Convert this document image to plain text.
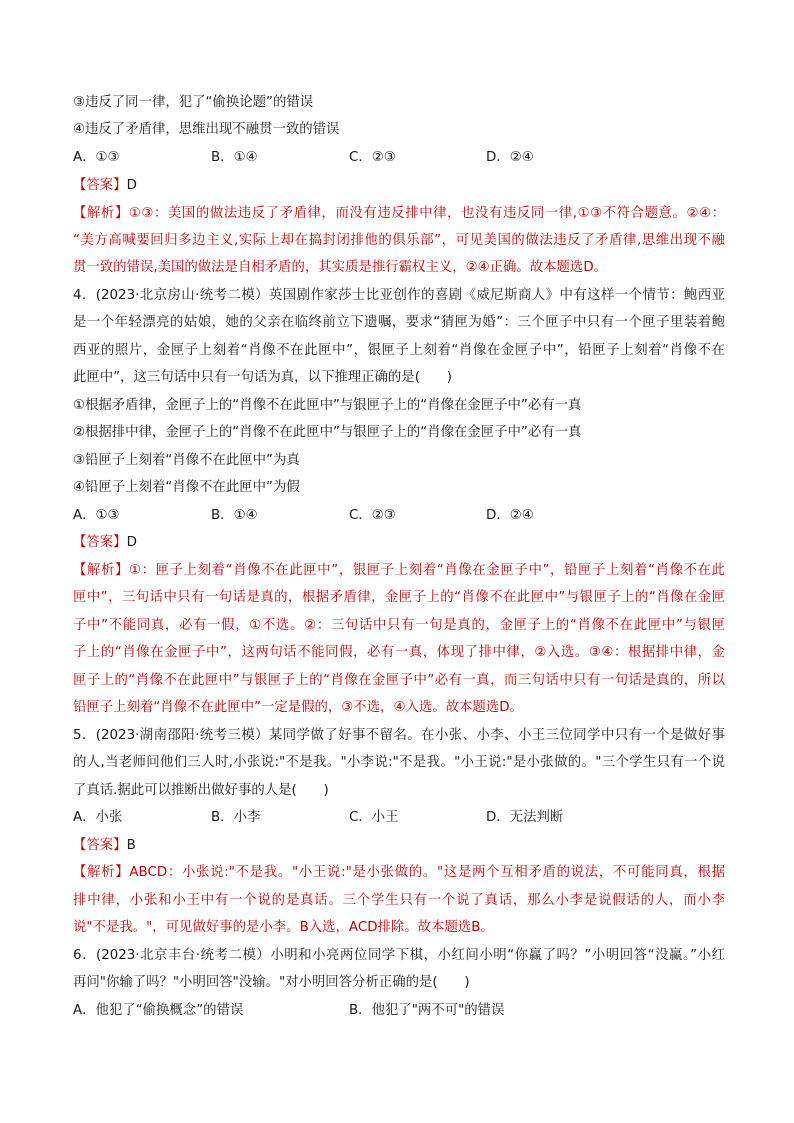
③违反了同一律，犯了“偷换论题”的错误
④违反了矛盾律，思维出现不融贯一致的错误
A．①③	B．①④	C．②③	D．②④
【答案】D
【解析】①③：美国的做法违反了矛盾律，而没有违反排中律，也没有违反同一律,①③不符合题意。②④：
“美方高喊要回归多边主义,实际上却在搞封闭排他的俱乐部”，可见美国的做法违反了矛盾律,思维出现不融
贯一致的错误,美国的做法是自相矛盾的，其实质是推行霸权主义，②④正确。故本题选D。
4．(2023·北京房山·统考二模）英国剧作家莎士比亚创作的喜剧《威尼斯商人》中有这样一个情节：鲍西亚
是一个年轻漂亮的姑娘，她的父亲在临终前立下遗嘱，要求“猜匣为婚”：三个匣子中只有一个匣子里装着鲍
西亚的照片，金匣子上刻着“肖像不在此匣中”，银匣子上刻着“肖像在金匣子中”，铅匣子上刻着“肖像不在
此匣中”，这三句话中只有一句话为真，以下推理正确的是(　　)
①根据矛盾律，金匣子上的“肖像不在此匣中”与银匣子上的“肖像在金匣子中”必有一真
②根据排中律，金匣子上的“肖像不在此匣中”与银匣子上的“肖像在金匣子中”必有一真
③铅匣子上刻着“肖像不在此匣中”为真
④铅匣子上刻着“肖像不在此匣中”为假
A．①③	B．①④	C．②③	D．②④
【答案】D
【解析】①：匣子上刻着“肖像不在此匣中”，银匣子上刻着“肖像在金匣子中”，铅匣子上刻着“肖像不在此
匣中”，三句话中只有一句话是真的，根据矛盾律，金匣子上的“肖像不在此匣中”与银匣子上的“肖像在金匣
子中”不能同真，必有一假，①不选。②：三句话中只有一句是真的，金匣子上的“肖像不在此匣中”与银匣
子上的“肖像在金匣子中”，这两句话不能同假，必有一真，体现了排中律，②入选。③④：根据排中律，金
匣子上的“肖像不在此匣中”与银匣子上的“肖像在金匣子中”必有一真，而三句话中只有一句话是真的，所以
铅匣子上刻着“肖像不在此匣中”一定是假的，③不选，④入选。故本题选D。
5．(2023·湖南邵阳·统考三模）某同学做了好事不留名。在小张、小李、小王三位同学中只有一个是做好事
的人,当老师问他们三人时,小张说:"不是我。"小李说:"不是我。"小王说:"是小张做的。"三个学生只有一个说
了真话.据此可以推断出做好事的人是(　　)
A．小张	B．小李	C．小王	D．无法判断
【答案】B
【解析】ABCD：小张说:"不是我。"小王说:"是小张做的。"这是两个互相矛盾的说法，不可能同真，根据
排中律，小张和小王中有一个说的是真话。三个学生只有一个说了真话，那么小李是说假话的人，而小李
说"不是我。"，可见做好事的是小李。B入选，ACD排除。故本题选B。
6．(2023·北京丰台·统考二模）小明和小亮两位同学下棋，小红问小明“你赢了吗？”小明回答“没赢。”小红
再问"你输了吗？"小明回答"没输。"对小明回答分析正确的是(　　)
A．他犯了“偷换概念”的错误	B．他犯了"两不可"的错误
